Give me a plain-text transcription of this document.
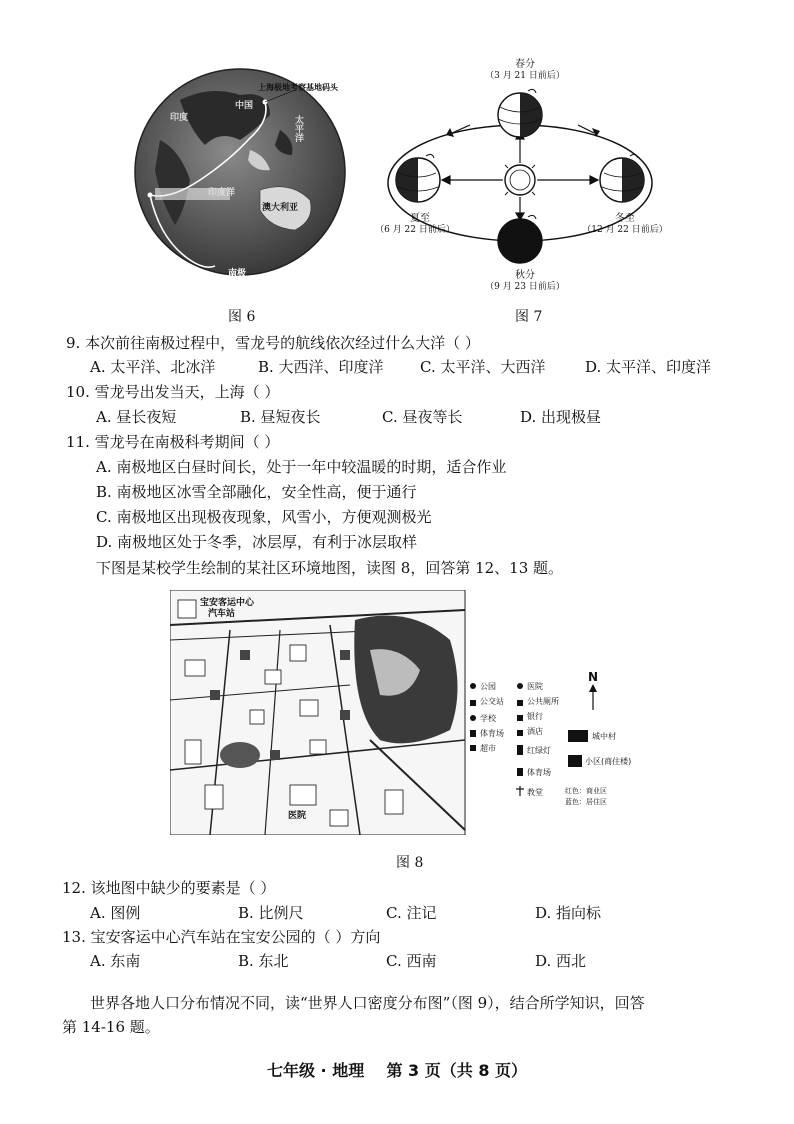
上海极地考察基地码头
中国
太平洋
印度
印度洋
澳大利亚
南极
图 6
春分
（3 月 21 日前后）
夏至
（6 月 22 日前后）
冬至
（12 月 22 日前后）
秋分
（9 月 23 日前后）
图 7
9. 本次前往南极过程中，雪龙号的航线依次经过什么大洋（ ）
A. 太平洋、北冰洋	B. 大西洋、印度洋 C. 太平洋、大西洋	D. 太平洋、印度洋
10. 雪龙号出发当天，上海（ ）
A. 昼长夜短	B. 昼短夜长	C. 昼夜等长	D. 出现极昼
11. 雪龙号在南极科考期间（ ）
A. 南极地区白昼时间长，处于一年中较温暖的时期，适合作业
B. 南极地区冰雪全部融化，安全性高，便于通行
C. 南极地区出现极夜现象，风雪小，方便观测极光
D. 南极地区处于冬季，冰层厚，有利于冰层取样
下图是某校学生绘制的某社区环境地图，读图 8，回答第 12、13 题。
宝安客运中心
汽车站
医院
N
公园
公交站
学校
体育场
超市
医院
公共厕所
银行
酒店
红绿灯
体育场
教堂
城中村
小区(商住楼)
红色：商业区
蓝色：居住区
图 8
12. 该地图中缺少的要素是（ ）
A. 图例	B. 比例尺	C. 注记	D. 指向标
13. 宝安客运中心汽车站在宝安公园的（ ）方向
A. 东南	B. 东北	C. 西南	D. 西北
世界各地人口分布情况不同，读“世界人口密度分布图”（图 9），结合所学知识，回答
第 14-16 题。
七年级 · 地理    第 3 页（共 8 页）
